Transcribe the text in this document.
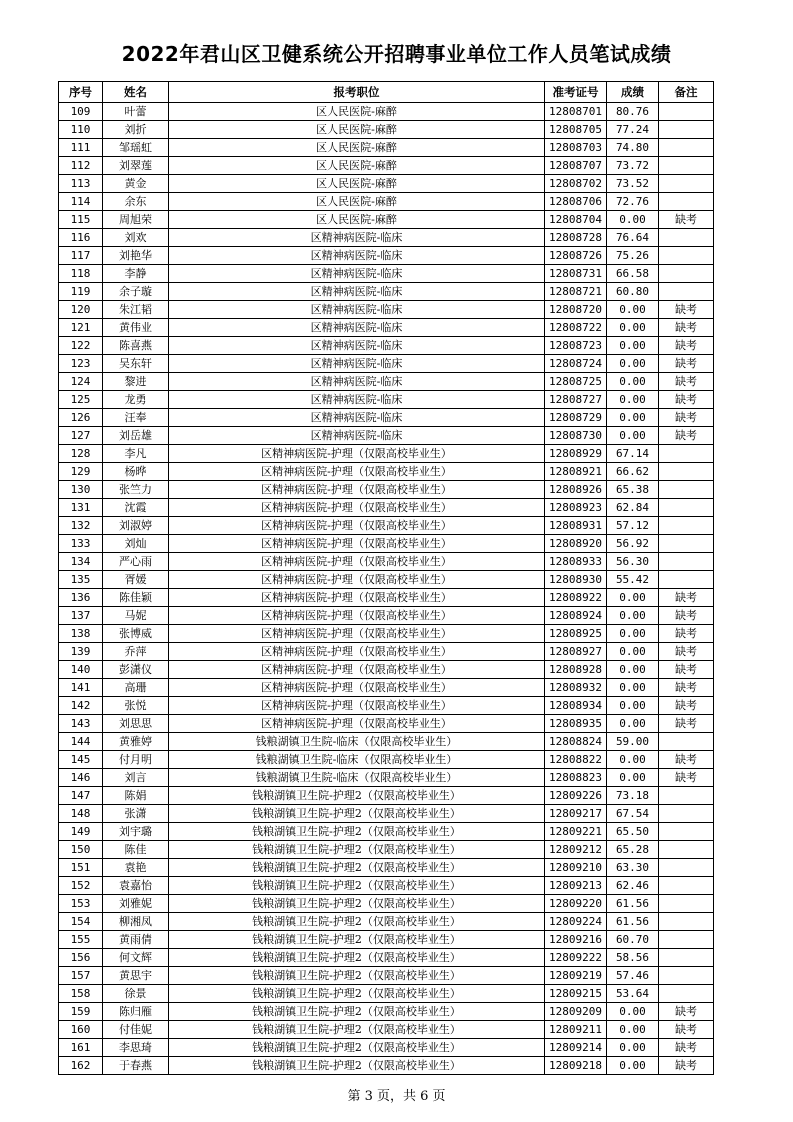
2022年君山区卫健系统公开招聘事业单位工作人员笔试成绩
序号	姓名	报考职位	准考证号	成绩	备注
109	叶蕾	区人民医院-麻醉	12808701	80.76	
110	刘折	区人民医院-麻醉	12808705	77.24	
111	邹瑶虹	区人民医院-麻醉	12808703	74.80	
112	刘翠莲	区人民医院-麻醉	12808707	73.72	
113	黄金	区人民医院-麻醉	12808702	73.52	
114	余东	区人民医院-麻醉	12808706	72.76	
115	周旭荣	区人民医院-麻醉	12808704	0.00	缺考
116	刘欢	区精神病医院-临床	12808728	76.64	
117	刘艳华	区精神病医院-临床	12808726	75.26	
118	李静	区精神病医院-临床	12808731	66.58	
119	余子璇	区精神病医院-临床	12808721	60.80	
120	朱江韬	区精神病医院-临床	12808720	0.00	缺考
121	黄伟业	区精神病医院-临床	12808722	0.00	缺考
122	陈喜燕	区精神病医院-临床	12808723	0.00	缺考
123	吴东轩	区精神病医院-临床	12808724	0.00	缺考
124	黎进	区精神病医院-临床	12808725	0.00	缺考
125	龙勇	区精神病医院-临床	12808727	0.00	缺考
126	汪奉	区精神病医院-临床	12808729	0.00	缺考
127	刘岳雄	区精神病医院-临床	12808730	0.00	缺考
128	李凡	区精神病医院-护理（仅限高校毕业生）	12808929	67.14	
129	杨晔	区精神病医院-护理（仅限高校毕业生）	12808921	66.62	
130	张竺力	区精神病医院-护理（仅限高校毕业生）	12808926	65.38	
131	沈霞	区精神病医院-护理（仅限高校毕业生）	12808923	62.84	
132	刘淑婷	区精神病医院-护理（仅限高校毕业生）	12808931	57.12	
133	刘灿	区精神病医院-护理（仅限高校毕业生）	12808920	56.92	
134	严心雨	区精神病医院-护理（仅限高校毕业生）	12808933	56.30	
135	胥媛	区精神病医院-护理（仅限高校毕业生）	12808930	55.42	
136	陈佳颖	区精神病医院-护理（仅限高校毕业生）	12808922	0.00	缺考
137	马妮	区精神病医院-护理（仅限高校毕业生）	12808924	0.00	缺考
138	张博威	区精神病医院-护理（仅限高校毕业生）	12808925	0.00	缺考
139	乔萍	区精神病医院-护理（仅限高校毕业生）	12808927	0.00	缺考
140	彭潇仪	区精神病医院-护理（仅限高校毕业生）	12808928	0.00	缺考
141	高珊	区精神病医院-护理（仅限高校毕业生）	12808932	0.00	缺考
142	张悦	区精神病医院-护理（仅限高校毕业生）	12808934	0.00	缺考
143	刘思思	区精神病医院-护理（仅限高校毕业生）	12808935	0.00	缺考
144	黄雅婷	钱粮湖镇卫生院-临床（仅限高校毕业生）	12808824	59.00	
145	付月明	钱粮湖镇卫生院-临床（仅限高校毕业生）	12808822	0.00	缺考
146	刘言	钱粮湖镇卫生院-临床（仅限高校毕业生）	12808823	0.00	缺考
147	陈娟	钱粮湖镇卫生院-护理2（仅限高校毕业生）	12809226	73.18	
148	张潇	钱粮湖镇卫生院-护理2（仅限高校毕业生）	12809217	67.54	
149	刘宇璐	钱粮湖镇卫生院-护理2（仅限高校毕业生）	12809221	65.50	
150	陈佳	钱粮湖镇卫生院-护理2（仅限高校毕业生）	12809212	65.28	
151	袁艳	钱粮湖镇卫生院-护理2（仅限高校毕业生）	12809210	63.30	
152	袁嘉怡	钱粮湖镇卫生院-护理2（仅限高校毕业生）	12809213	62.46	
153	刘雅妮	钱粮湖镇卫生院-护理2（仅限高校毕业生）	12809220	61.56	
154	柳湘凤	钱粮湖镇卫生院-护理2（仅限高校毕业生）	12809224	61.56	
155	黄雨倩	钱粮湖镇卫生院-护理2（仅限高校毕业生）	12809216	60.70	
156	何文辉	钱粮湖镇卫生院-护理2（仅限高校毕业生）	12809222	58.56	
157	黄思宇	钱粮湖镇卫生院-护理2（仅限高校毕业生）	12809219	57.46	
158	徐景	钱粮湖镇卫生院-护理2（仅限高校毕业生）	12809215	53.64	
159	陈归雁	钱粮湖镇卫生院-护理2（仅限高校毕业生）	12809209	0.00	缺考
160	付佳妮	钱粮湖镇卫生院-护理2（仅限高校毕业生）	12809211	0.00	缺考
161	李思琦	钱粮湖镇卫生院-护理2（仅限高校毕业生）	12809214	0.00	缺考
162	于春燕	钱粮湖镇卫生院-护理2（仅限高校毕业生）	12809218	0.00	缺考
第 3 页，共 6 页
